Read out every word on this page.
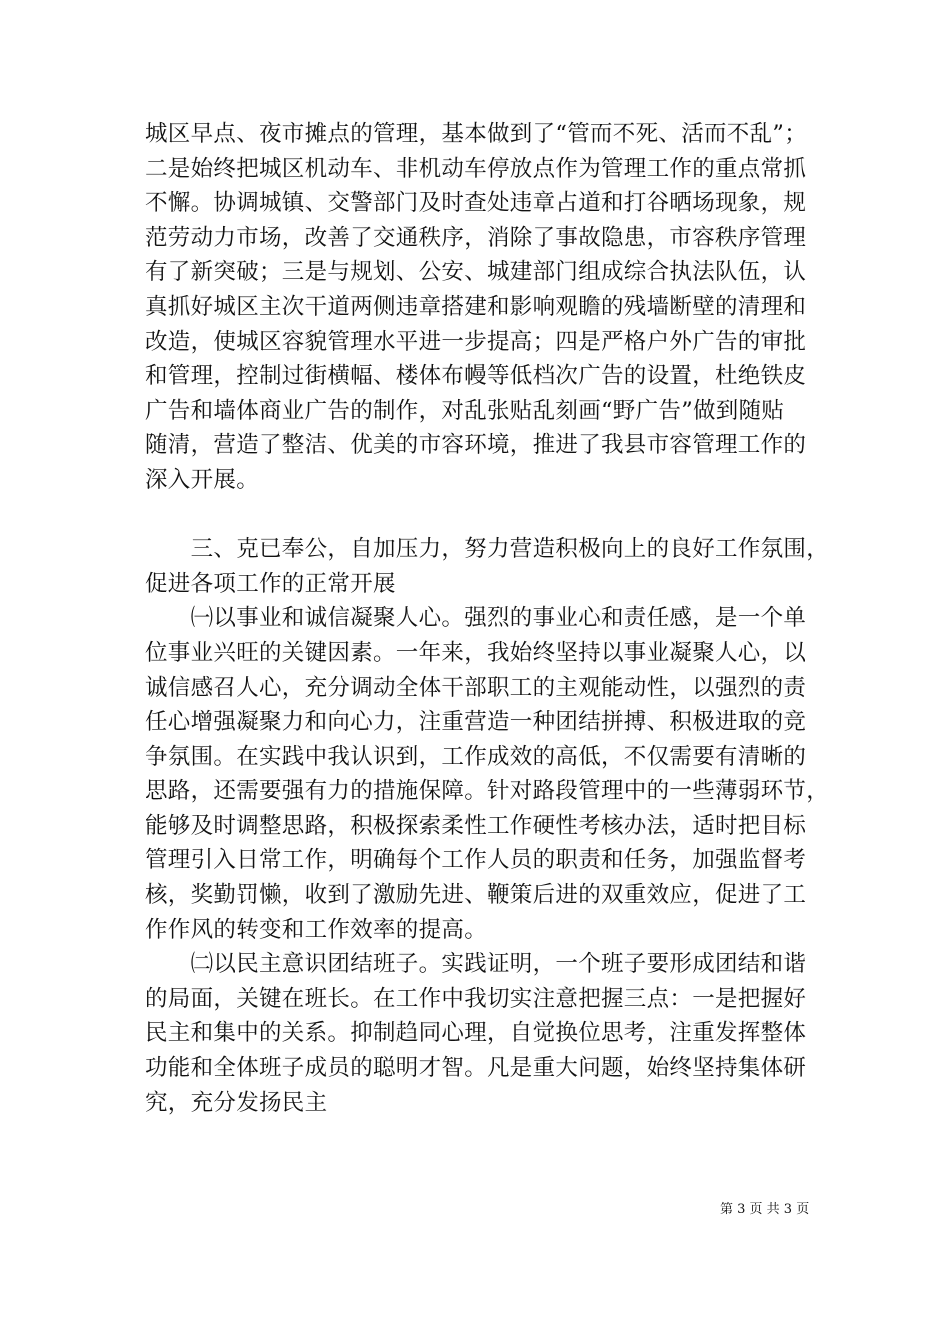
城区早点、夜市摊点的管理，基本做到了“管而不死、活而不乱”；
二是始终把城区机动车、非机动车停放点作为管理工作的重点常抓
不懈。协调城镇、交警部门及时查处违章占道和打谷晒场现象，规
范劳动力市场，改善了交通秩序，消除了事故隐患，市容秩序管理
有了新突破；三是与规划、公安、城建部门组成综合执法队伍，认
真抓好城区主次干道两侧违章搭建和影响观瞻的残墙断壁的清理和
改造，使城区容貌管理水平进一步提高；四是严格户外广告的审批
和管理，控制过街横幅、楼体布幔等低档次广告的设置，杜绝铁皮
广告和墙体商业广告的制作，对乱张贴乱刻画“野广告”做到随贴
随清，营造了整洁、优美的市容环境，推进了我县市容管理工作的
深入开展。
　　三、克已奉公，自加压力，努力营造积极向上的良好工作氛围，
促进各项工作的正常开展
　　㈠以事业和诚信凝聚人心。强烈的事业心和责任感，是一个单
位事业兴旺的关键因素。一年来，我始终坚持以事业凝聚人心，以
诚信感召人心，充分调动全体干部职工的主观能动性，以强烈的责
任心增强凝聚力和向心力，注重营造一种团结拼搏、积极进取的竞
争氛围。在实践中我认识到，工作成效的高低，不仅需要有清晰的
思路，还需要强有力的措施保障。针对路段管理中的一些薄弱环节，
能够及时调整思路，积极探索柔性工作硬性考核办法，适时把目标
管理引入日常工作，明确每个工作人员的职责和任务，加强监督考
核，奖勤罚懒，收到了激励先进、鞭策后进的双重效应，促进了工
作作风的转变和工作效率的提高。
　　㈡以民主意识团结班子。实践证明，一个班子要形成团结和谐
的局面，关键在班长。在工作中我切实注意把握三点：一是把握好
民主和集中的关系。抑制趋同心理，自觉换位思考，注重发挥整体
功能和全体班子成员的聪明才智。凡是重大问题，始终坚持集体研
究，充分发扬民主
第 3 页 共 3 页
